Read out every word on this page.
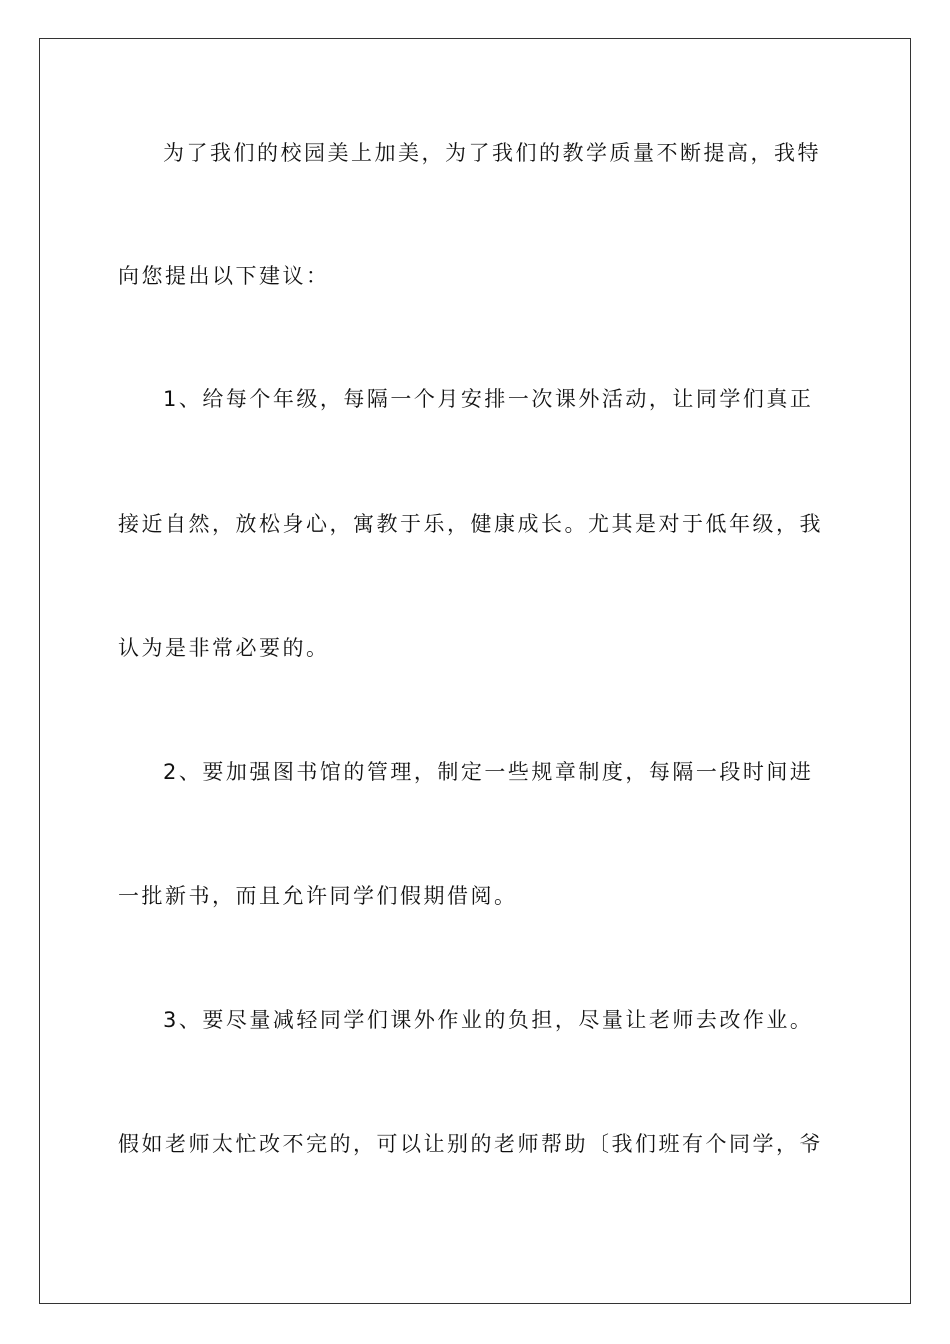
为了我们的校园美上加美，为了我们的教学质量不断提高，我特
向您提出以下建议：
1、给每个年级，每隔一个月安排一次课外活动，让同学们真正
接近自然，放松身心，寓教于乐，健康成长。尤其是对于低年级，我
认为是非常必要的。
2、要加强图书馆的管理，制定一些规章制度，每隔一段时间进
一批新书，而且允许同学们假期借阅。
3、要尽量减轻同学们课外作业的负担，尽量让老师去改作业。
假如老师太忙改不完的，可以让别的老师帮助〔我们班有个同学，爷
